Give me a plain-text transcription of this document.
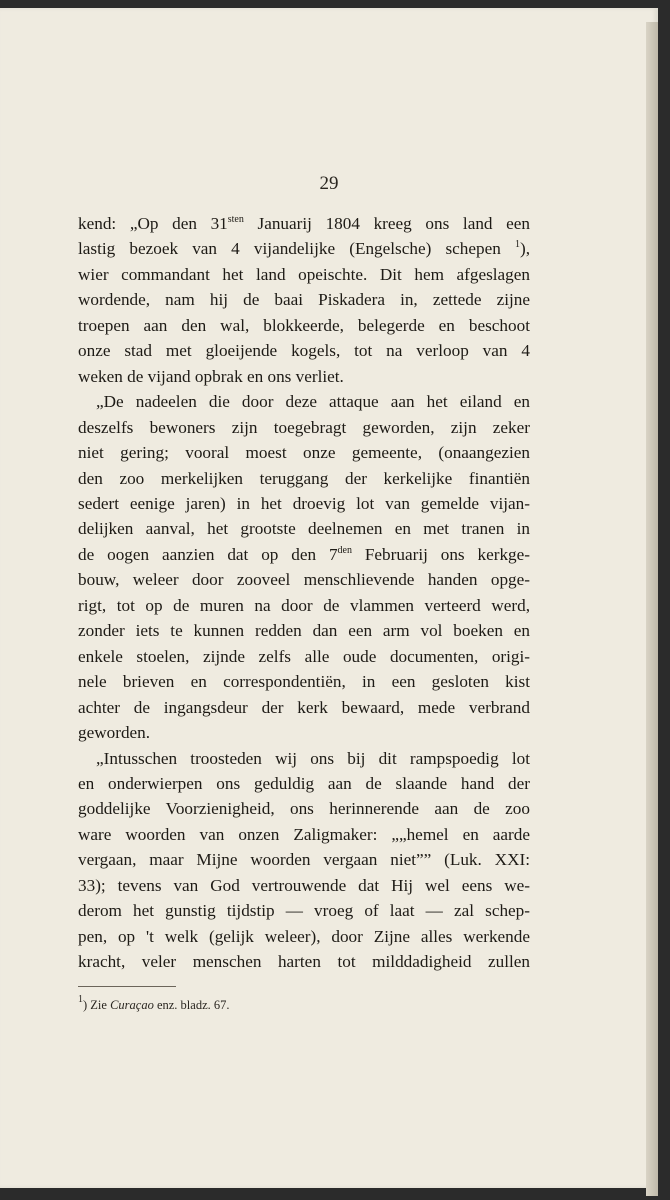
29

kend: „Op den $31^{sten}$ Januarij 1804 kreeg ons land een
lastig bezoek van 4 vijandelijke (Engelsche) schepen $^1$),
wier commandant het land opeischte. Dit hem afgeslagen
wordende, nam hij de baai Piskadera in, zettede zijne
troepen aan den wal, blokkeerde, belegerde en beschoot
onze stad met gloeijende kogels, tot na verloop van 4
weken de vijand opbrak en ons verliet.
„De nadeelen die door deze attaque aan het eiland en
deszelfs bewoners zijn toegebragt geworden, zijn zeker
niet gering; vooral moest onze gemeente, (onaangezien
den zoo merkelijken teruggang der kerkelijke finantiën
sedert eenige jaren) in het droevig lot van gemelde vijan-
delijken aanval, het grootste deelnemen en met tranen in
de oogen aanzien dat op den $7^{den}$ Februarij ons kerkge-
bouw, weleer door zooveel menschlievende handen opge-
rigt, tot op de muren na door de vlammen verteerd werd,
zonder iets te kunnen redden dan een arm vol boeken en
enkele stoelen, zijnde zelfs alle oude documenten, origi-
nele brieven en correspondentiën, in een gesloten kist
achter de ingangsdeur der kerk bewaard, mede verbrand
geworden.
„Intusschen troosteden wij ons bij dit rampspoedig lot
en onderwierpen ons geduldig aan de slaande hand der
goddelijke Voorzienigheid, ons herinnerende aan de zoo
ware woorden van onzen Zaligmaker: „„hemel en aarde
vergaan, maar Mijne woorden vergaan niet”” (Luk. XXI:
33); tevens van God vertrouwende dat Hij wel eens we-
derom het gunstig tijdstip — vroeg of laat — zal schep-
pen, op 't welk (gelijk weleer), door Zijne alles werkende
kracht, veler menschen harten tot milddadigheid zullen
$^1$) Zie Curaçao enz. bladz. 67.
